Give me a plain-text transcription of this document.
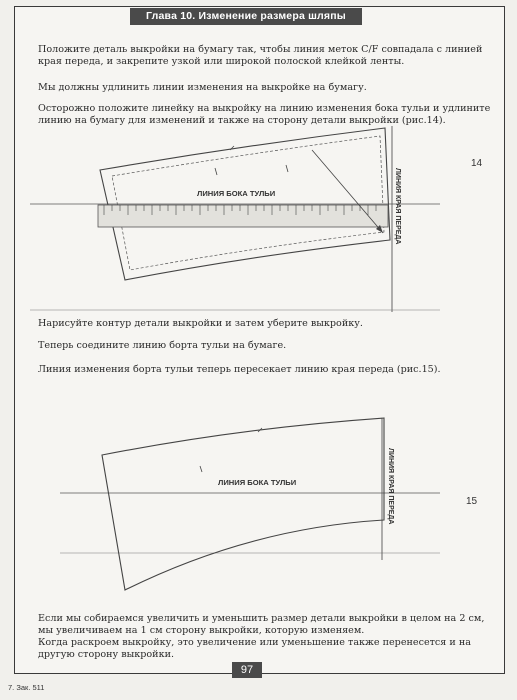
Глава 10. Изменение размера шляпы
Положите деталь выкройки на бумагу так, чтобы линия меток C/F совпадала с линией края переда, и закрепите узкой или широкой полоской клейкой ленты.
Мы должны удлинить линии изменения на выкройке на бумагу.
Осторожно положите линейку на выкройку на линию изменения бока тульи и удлините линию на бумагу для изменений и также на сторону детали выкройки (рис.14).
ЛИНИЯ БОКА ТУЛЬИ	ЛИНИЯ КРАЯ ПЕРЕДА
14
Нарисуйте контур детали выкройки и затем уберите выкройку.
Теперь соедините линию борта тульи на бумаге.
Линия изменения борта тульи теперь пересекает линию края переда (рис.15).
ЛИНИЯ БОКА ТУЛЬИ	ЛИНИЯ КРАЯ ПЕРЕДА	15
Если мы собираемся увеличить и уменьшить размер детали выкройки в целом на 2 см, мы увеличиваем на 1 см сторону выкройки, которую изменяем.
Когда раскроем выкройку, это увеличение или уменьшение также перенесется и на другую сторону выкройки.
97
7. Зак. 511
